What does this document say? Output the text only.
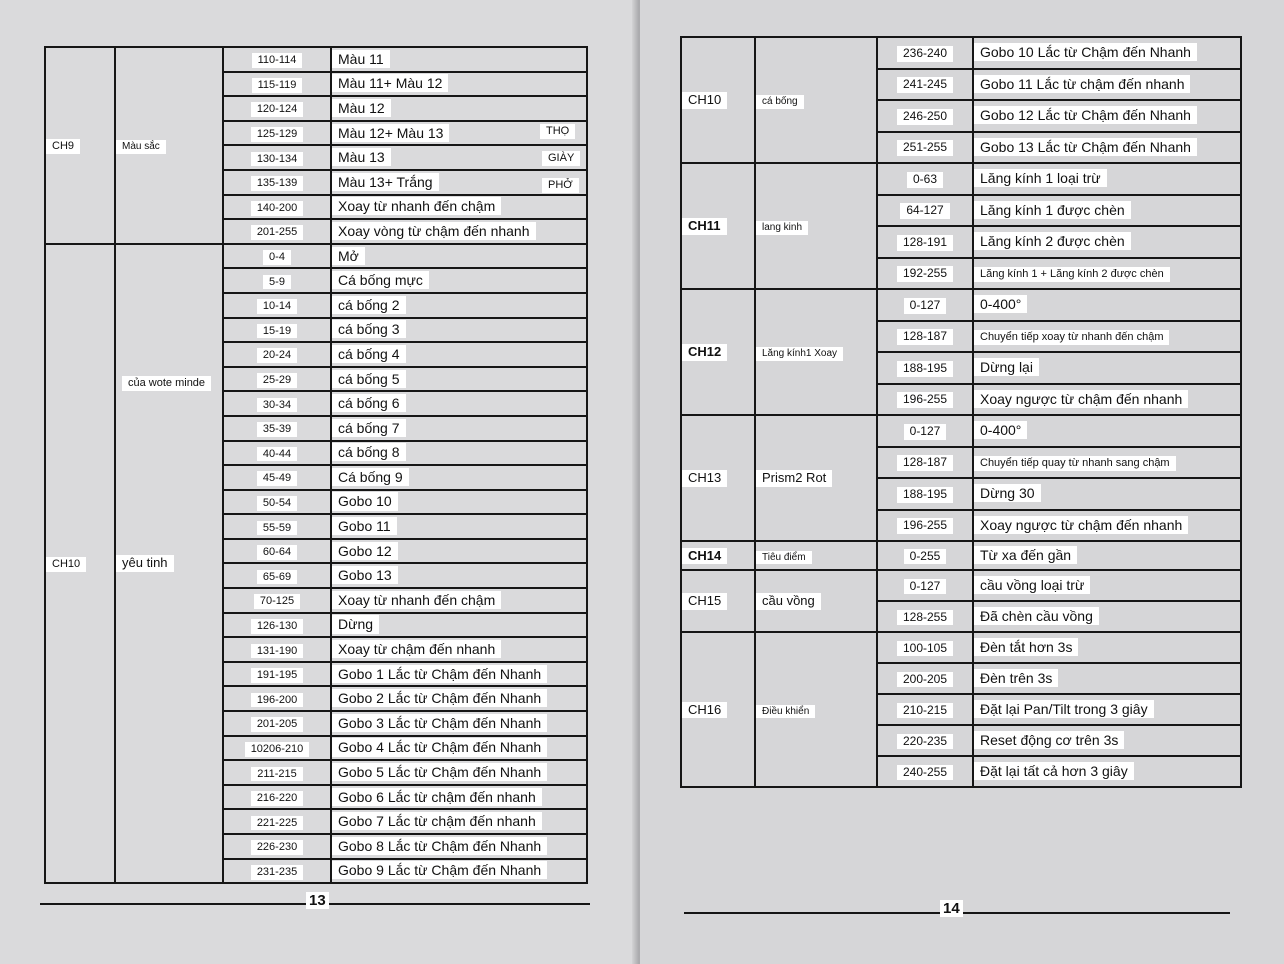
CH9	Màu sắc	110-114	Màu 11
		115-119	Màu 11+ Màu 12
		120-124	Màu 12
		125-129	Màu 12+ Màu 13
		130-134	Màu 13
		135-139	Màu 13+ Trắng
		140-200	Xoay từ nhanh đến chậm
		201-255	Xoay vòng từ chậm đến nhanh
CH10	yêu tinh	0-4	Mở
		5-9	Cá bống mực
		10-14	cá bống 2
		15-19	cá bống 3
		20-24	cá bống 4
		25-29	cá bống 5
		30-34	cá bống 6
		35-39	cá bống 7
		40-44	cá bống 8
		45-49	Cá bống 9
		50-54	Gobo 10
		55-59	Gobo 11
		60-64	Gobo 12
		65-69	Gobo 13
		70-125	Xoay từ nhanh đến chậm
		126-130	Dừng
		131-190	Xoay từ chậm đến nhanh
		191-195	Gobo 1 Lắc từ Chậm đến Nhanh
		196-200	Gobo 2 Lắc từ Chậm đến Nhanh
		201-205	Gobo 3 Lắc từ Chậm đến Nhanh
		10206-210	Gobo 4 Lắc từ Chậm đến Nhanh
		211-215	Gobo 5 Lắc từ Chậm đến Nhanh
		216-220	Gobo 6 Lắc từ chậm đến nhanh
		221-225	Gobo 7 Lắc từ chậm đến nhanh
		226-230	Gobo 8 Lắc từ Chậm đến Nhanh
		231-235	Gobo 9 Lắc từ Chậm đến Nhanh
THỌ
GIÀY
PHỞ
của wote minde
13
CH10	cá bống	236-240	Gobo 10 Lắc từ Chậm đến Nhanh
		241-245	Gobo 11 Lắc từ chậm đến nhanh
		246-250	Gobo 12 Lắc từ Chậm đến Nhanh
		251-255	Gobo 13 Lắc từ Chậm đến Nhanh
CH11	lang kinh	0-63	Lăng kính 1 loại trừ
		64-127	Lăng kính 1 được chèn
		128-191	Lăng kính 2 được chèn
		192-255	Lăng kính 1 + Lăng kính 2 được chèn
CH12	Lăng kính1 Xoay	0-127	0-400°
		128-187	Chuyển tiếp xoay từ nhanh đến chậm
		188-195	Dừng lại
		196-255	Xoay ngược từ chậm đến nhanh
CH13	Prism2 Rot	0-127	0-400°
		128-187	Chuyển tiếp quay từ nhanh sang chậm
		188-195	Dừng 30
		196-255	Xoay ngược từ chậm đến nhanh
CH14	Tiêu điểm	0-255	Từ xa đến gần
CH15	cầu vồng	0-127	cầu vồng loại trừ
		128-255	Đã chèn cầu vồng
CH16	Điều khiển	100-105	Đèn tắt hơn 3s
		200-205	Đèn trên 3s
		210-215	Đặt lại Pan/Tilt trong 3 giây
		220-235	Reset động cơ trên 3s
		240-255	Đặt lại tất cả hơn 3 giây
14
